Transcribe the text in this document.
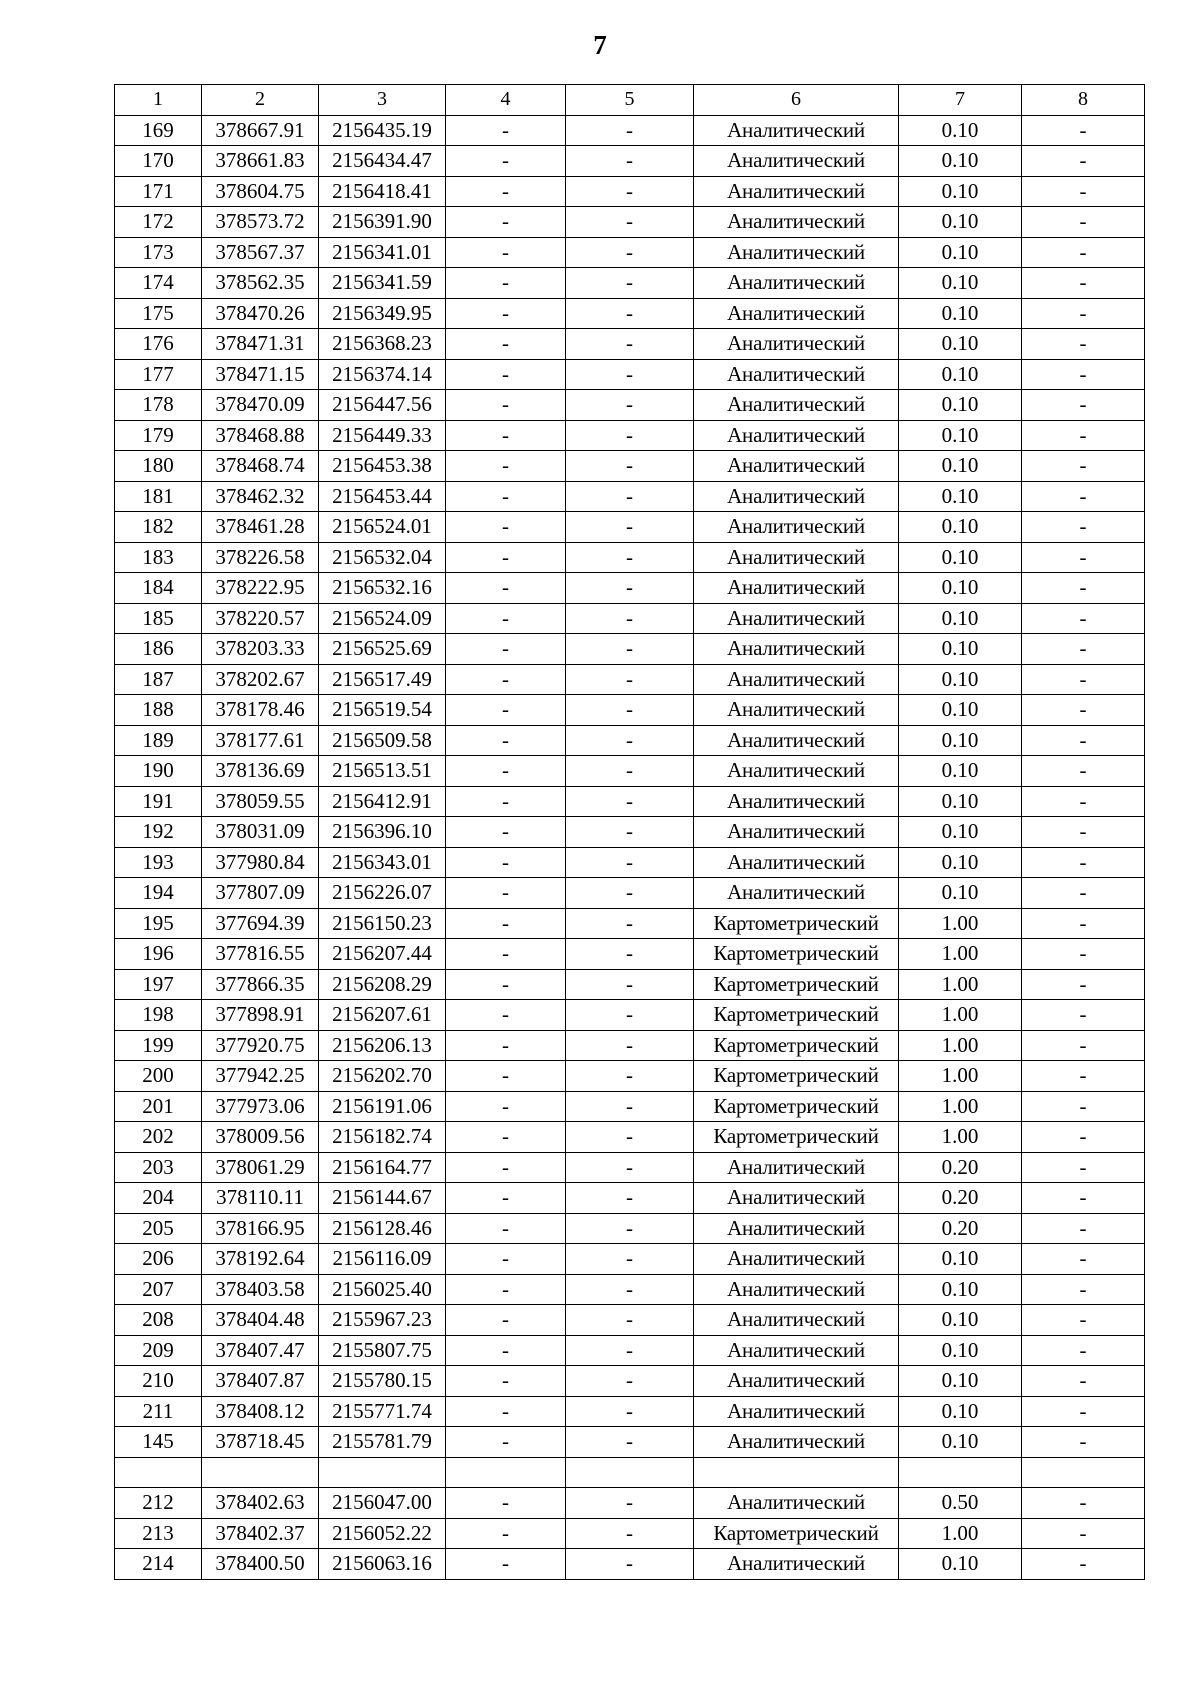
7
1	2	3	4	5	6	7	8
169	378667.91	2156435.19	-	-	Аналитический	0.10	-
170	378661.83	2156434.47	-	-	Аналитический	0.10	-
171	378604.75	2156418.41	-	-	Аналитический	0.10	-
172	378573.72	2156391.90	-	-	Аналитический	0.10	-
173	378567.37	2156341.01	-	-	Аналитический	0.10	-
174	378562.35	2156341.59	-	-	Аналитический	0.10	-
175	378470.26	2156349.95	-	-	Аналитический	0.10	-
176	378471.31	2156368.23	-	-	Аналитический	0.10	-
177	378471.15	2156374.14	-	-	Аналитический	0.10	-
178	378470.09	2156447.56	-	-	Аналитический	0.10	-
179	378468.88	2156449.33	-	-	Аналитический	0.10	-
180	378468.74	2156453.38	-	-	Аналитический	0.10	-
181	378462.32	2156453.44	-	-	Аналитический	0.10	-
182	378461.28	2156524.01	-	-	Аналитический	0.10	-
183	378226.58	2156532.04	-	-	Аналитический	0.10	-
184	378222.95	2156532.16	-	-	Аналитический	0.10	-
185	378220.57	2156524.09	-	-	Аналитический	0.10	-
186	378203.33	2156525.69	-	-	Аналитический	0.10	-
187	378202.67	2156517.49	-	-	Аналитический	0.10	-
188	378178.46	2156519.54	-	-	Аналитический	0.10	-
189	378177.61	2156509.58	-	-	Аналитический	0.10	-
190	378136.69	2156513.51	-	-	Аналитический	0.10	-
191	378059.55	2156412.91	-	-	Аналитический	0.10	-
192	378031.09	2156396.10	-	-	Аналитический	0.10	-
193	377980.84	2156343.01	-	-	Аналитический	0.10	-
194	377807.09	2156226.07	-	-	Аналитический	0.10	-
195	377694.39	2156150.23	-	-	Картометрический	1.00	-
196	377816.55	2156207.44	-	-	Картометрический	1.00	-
197	377866.35	2156208.29	-	-	Картометрический	1.00	-
198	377898.91	2156207.61	-	-	Картометрический	1.00	-
199	377920.75	2156206.13	-	-	Картометрический	1.00	-
200	377942.25	2156202.70	-	-	Картометрический	1.00	-
201	377973.06	2156191.06	-	-	Картометрический	1.00	-
202	378009.56	2156182.74	-	-	Картометрический	1.00	-
203	378061.29	2156164.77	-	-	Аналитический	0.20	-
204	378110.11	2156144.67	-	-	Аналитический	0.20	-
205	378166.95	2156128.46	-	-	Аналитический	0.20	-
206	378192.64	2156116.09	-	-	Аналитический	0.10	-
207	378403.58	2156025.40	-	-	Аналитический	0.10	-
208	378404.48	2155967.23	-	-	Аналитический	0.10	-
209	378407.47	2155807.75	-	-	Аналитический	0.10	-
210	378407.87	2155780.15	-	-	Аналитический	0.10	-
211	378408.12	2155771.74	-	-	Аналитический	0.10	-
145	378718.45	2155781.79	-	-	Аналитический	0.10	-

212	378402.63	2156047.00	-	-	Аналитический	0.50	-
213	378402.37	2156052.22	-	-	Картометрический	1.00	-
214	378400.50	2156063.16	-	-	Аналитический	0.10	-
